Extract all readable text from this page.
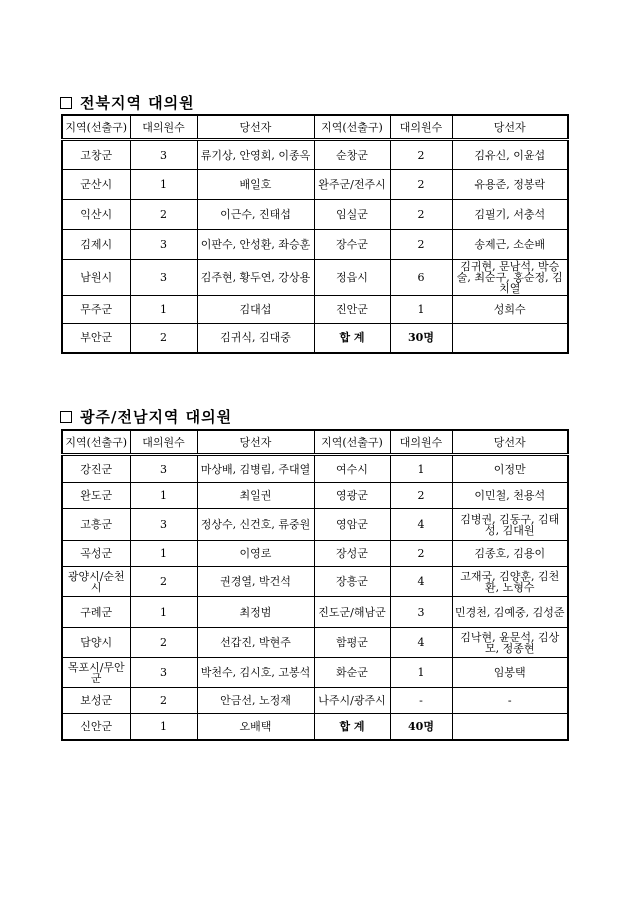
전북지역 대의원
지역(선출구)	대의원수	당선자	지역(선출구)	대의원수	당선자
고창군	3	류기상, 안영회, 이종옥	순창군	2	김유신, 이윤섭
군산시	1	배일호	완주군/전주시	2	유용준, 정봉락
익산시	2	이근수, 진태섭	임실군	2	김필기, 서충석
김제시	3	이판수, 안성환, 좌승훈	장수군	2	송제근, 소순배
남원시	3	김주현, 황두연, 강상용	정읍시	6	김귀현, 문남석, 박승술, 최순구, 홍순정, 김치열
무주군	1	김대섭	진안군	1	성희수
부안군	2	김귀식, 김대중	합 계	30명	
광주/전남지역 대의원
지역(선출구)	대의원수	당선자	지역(선출구)	대의원수	당선자
강진군	3	마상배, 김병림, 주대열	여수시	1	이정만
완도군	1	최일권	영광군	2	이민철, 천용석
고흥군	3	정상수, 신건호, 류중원	영암군	4	김병권, 김동구, 김태성, 김대원
곡성군	1	이영로	장성군	2	김종호, 김용이
광양시/순천시	2	권경열, 박건석	장흥군	4	고재국, 김양훈, 김천환, 노형수
구례군	1	최정범	진도군/해남군	3	민경천, 김예중, 김성준
담양시	2	선갑진, 박현주	함평군	4	김낙현, 윤문석, 김상모, 정종현
목포시/무안군	3	박천수, 김시호, 고봉석	화순군	1	임봉택
보성군	2	안금선, 노정재	나주시/광주시	-	-
신안군	1	오배택	합 계	40명	
